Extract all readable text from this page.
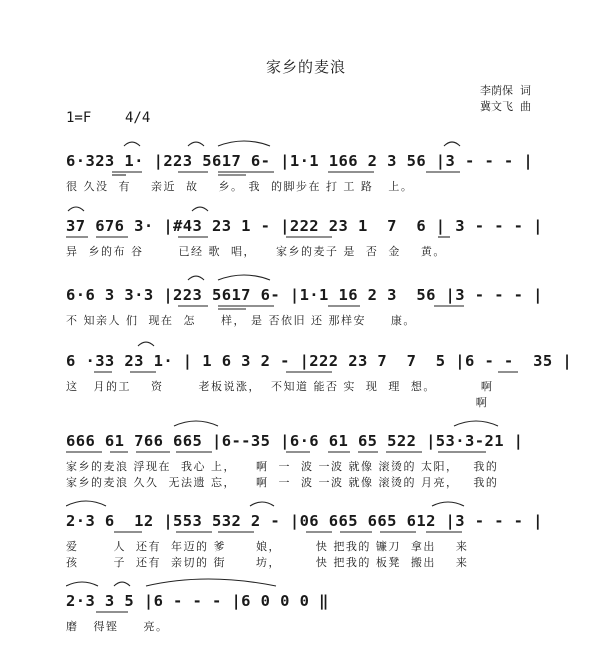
家乡的麦浪
李荫保  词
冀文飞  曲
1=F    4/4
6·323 1· |223 5617 6- |1·1 166 2 3 56 |3 - - - |
很 久没  有    亲近  故    乡。 我  的脚步在 打 工 路   上。
37 676 3· |#43 23 1 - |222 23 1  7  6 | 3 - - - |
异  乡的布 谷       已经 歌  唱，    家乡的麦子 是  否  金    黄。
6·6 3 3·3 |223 5617 6- |1·1 16 2 3  56 |3 - - - |
不 知亲人 们  现在  怎     样， 是 否依旧 还 那样安     康。
6 ·33 23 1· | 1 6 3 2 - |222 23 7  7  5 |6 - -  35 |
这   月的工    资       老板说涨，  不知道 能否 实  现  理  想。         啊
啊
666 61 766 665 |6--35 |6·6 61 65 522 |53·3-21 |
家乡的麦浪 浮现在  我心 上，    啊  一  波 一波 就像 滚烫的 太阳，   我的
家乡的麦浪 久久  无法遗 忘，    啊  一  波 一波 就像 滚烫的 月亮，   我的
2·3 6  12 |553 532 2 - |06 665 665 612 |3 - - - |
爱       人  还有  年迈的 爹      娘，       快 把我的 镰刀  拿出    来
孩       子  还有  亲切的 街      坊，       快 把我的 板凳  搬出    来
2·3 3 5 |6 - - - |6 0 0 0 ‖
磨   得铿     亮。
